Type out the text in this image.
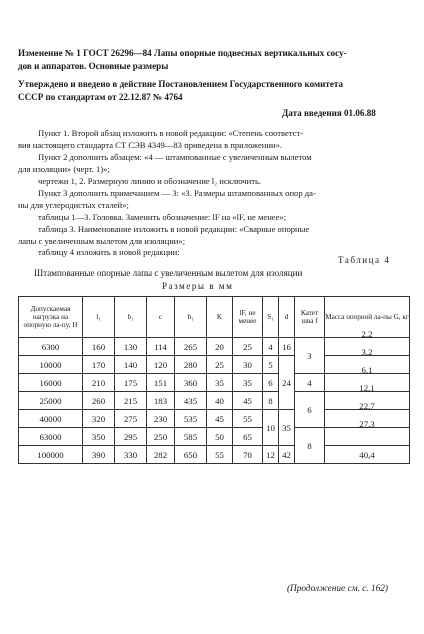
Изменение № 1 ГОСТ 26296—84 Лапы опорные подвесных вертикальных сосу-
дов и аппаратов. Основные размеры
Утверждено и введено в действие Постановлением Государственного комитета
СССР по стандартам от 22.12.87 № 4764
Дата введения 01.06.88
Пункт 1. Второй абзац изложить в новой редакции: «Степень соответст-
вия настоящего стандарта СТ СЭВ 4349—83 приведена в приложении».
Пункт 2 дополнить абзацем: «4 — штампованные с увеличенным вылетом
для изоляции» (черт. 1)»;
чертежи 1, 2. Размерную линию и обозначение l₂ исключить.
Пункт 3 дополнить примечанием — 3: «3. Размеры штампованных опор да-
ны для углеродистых сталей»;
таблицы 1—3. Головка. Заменить обозначение: lF на «lF, не менее»;
таблица 3. Наименование изложить в новой редакции: «Сварные опорные
лапы с увеличенным вылетом для изоляции»;
таблицу 4 изложить в новой редакции:
Таблица 4
Штампованные опорные лапы с увеличенным вылетом для изоляции
Размеры в мм
Допускаемая нагрузка на опорную ла-пу, Н	l₁	b₁	c	h₁	K	lF, не менее	S₁	d	Катет шва f	Масса опорной ла-пы G, кг
6300	160	130	114	265	20	25	4	16	3	2,2

10000	170	140	120	280	25	30	5	24		3,2

16000	210	175	151	360	35	35	6		4	6,1

25000	260	215	183	435	40	45	8		6	12,1

40000	320	275	230	535	45	55	10	35		22,7

63000	350	295	250	585	50	65			8	27,3

100000	390	330	282	650	55	70	12	42		40,4
(Продолжение см. с. 162)
